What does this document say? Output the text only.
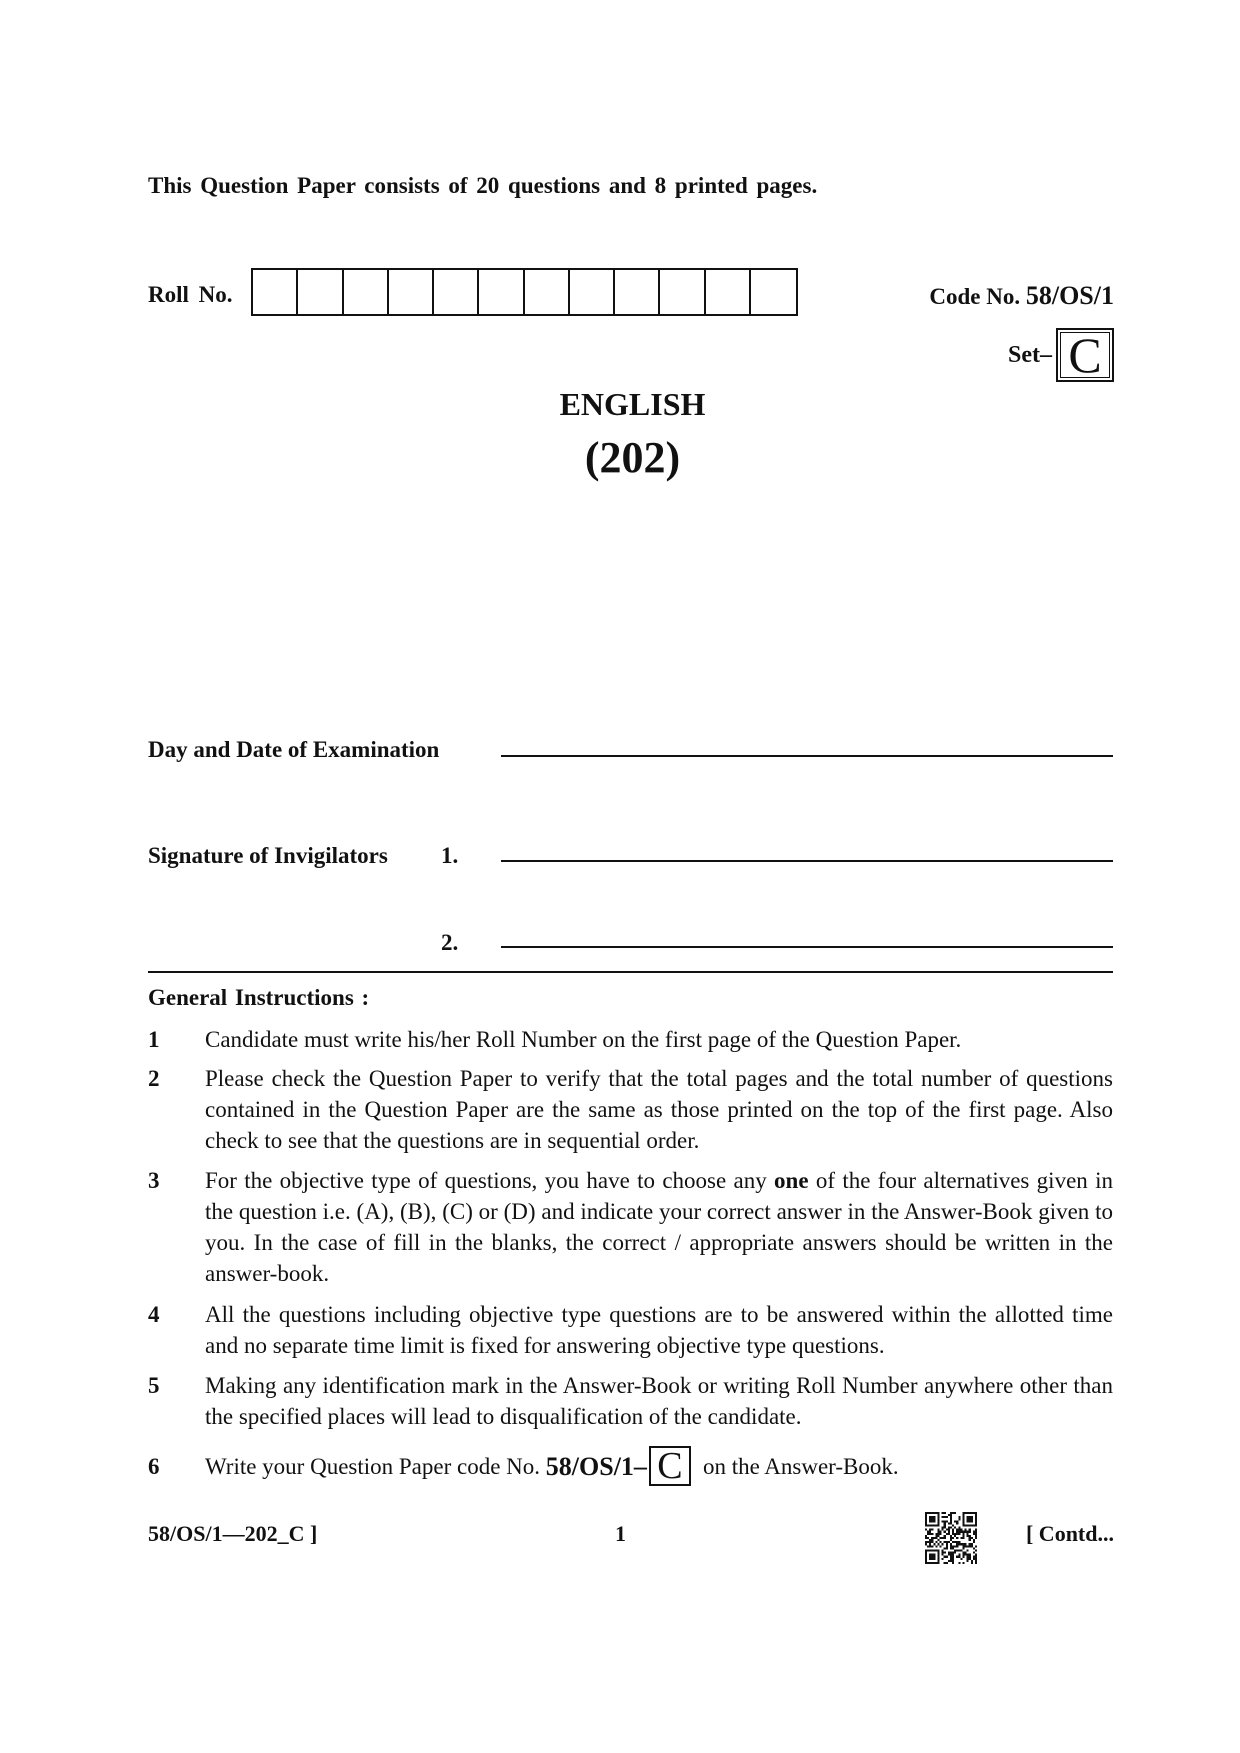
This Question Paper consists of 20 questions and 8 printed pages.
Roll No.	Code No. 58/OS/1
Set– C
ENGLISH
(202)
Day and Date of Examination
Signature of Invigilators 1.
2.
General Instructions :
1	Candidate must write his/her Roll Number on the first page of the Question Paper.
2	Please check the Question Paper to verify that the total pages and the total number of questions contained in the Question Paper are the same as those printed on the top of the first page. Also check to see that the questions are in sequential order.
3	For the objective type of questions, you have to choose any one of the four alternatives given in the question i.e. (A), (B), (C) or (D) and indicate your correct answer in the Answer-Book given to you. In the case of fill in the blanks, the correct / appropriate answers should be written in the answer-book.
4	All the questions including objective type questions are to be answered within the allotted time and no separate time limit is fixed for answering objective type questions.
5	Making any identification mark in the Answer-Book or writing Roll Number anywhere other than the specified places will lead to disqualification of the candidate.
6	Write your Question Paper code No. 58/OS/1– C on the Answer-Book.
58/OS/1—202_C ]	1	[ Contd...
